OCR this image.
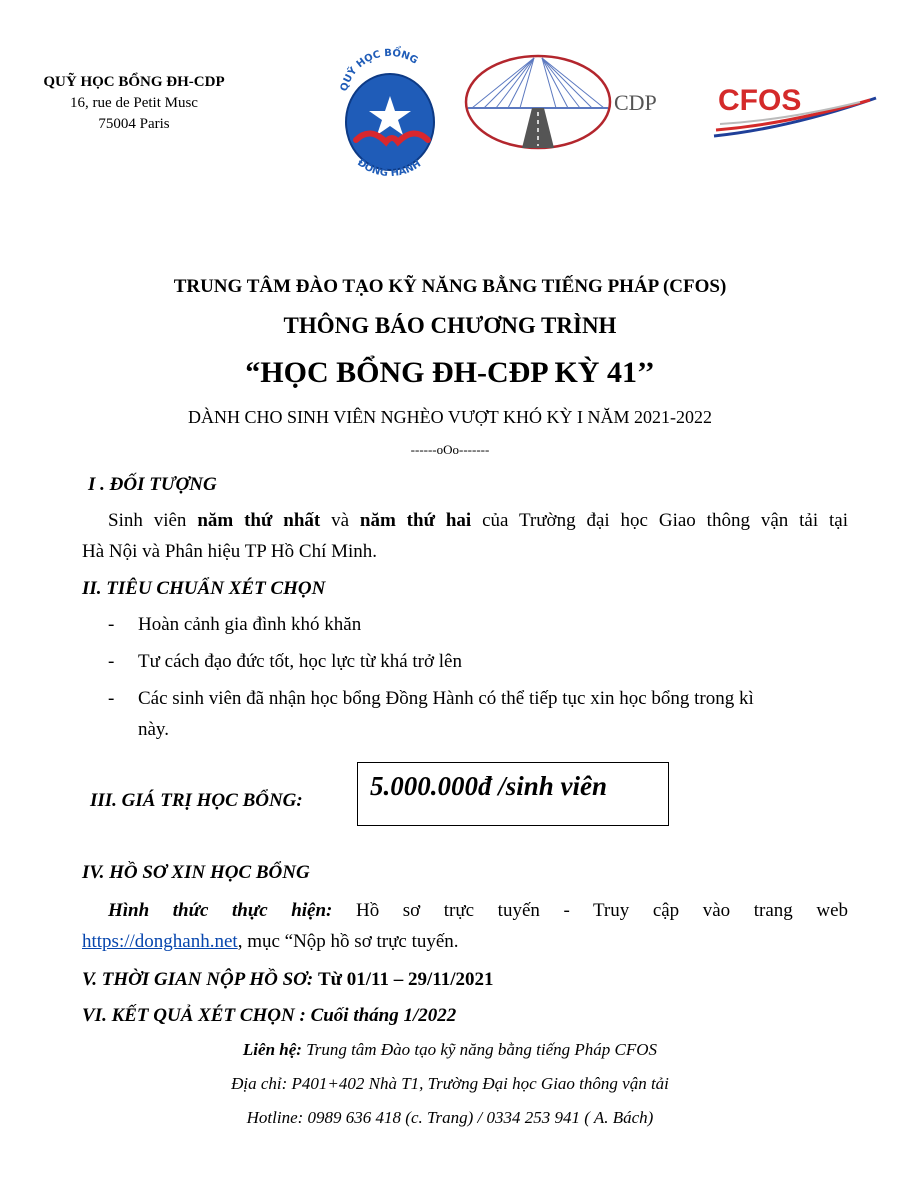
QUỸ HỌC BỔNG ĐH-CDP
16, rue de Petit Musc
75004 Paris
QUỸ HỌC BỔNG
ĐỒNG HÀNH
CDP CFOS
TRUNG TÂM ĐÀO TẠO KỸ NĂNG BẰNG TIẾNG PHÁP (CFOS)
THÔNG BÁO CHƯƠNG TRÌNH
“HỌC BỔNG ĐH-CĐP KỲ 41’’
DÀNH CHO SINH VIÊN NGHÈO VƯỢT KHÓ KỲ I NĂM 2021-2022
------oOo-------
I . ĐỐI TƯỢNG
Sinh viên năm thứ nhất và năm thứ hai của Trường đại học Giao thông vận tải tại
Hà Nội và Phân hiệu TP Hồ Chí Minh.
II. TIÊU CHUẨN XÉT CHỌN
- Hoàn cảnh gia đình khó khăn
- Tư cách đạo đức tốt, học lực từ khá trở lên
- Các sinh viên đã nhận học bổng Đồng Hành có thể tiếp tục xin học bổng trong kì
này.
III. GIÁ TRỊ HỌC BỔNG: 5.000.000đ /sinh viên
IV. HỒ SƠ XIN HỌC BỔNG
Hình thức thực hiện: Hồ sơ trực tuyến - Truy cập vào trang web
https://donghanh.net, mục “Nộp hồ sơ trực tuyến.
V. THỜI GIAN NỘP HỒ SƠ: Từ 01/11 – 29/11/2021
VI. KẾT QUẢ XÉT CHỌN : Cuối tháng 1/2022
Liên hệ: Trung tâm Đào tạo kỹ năng bằng tiếng Pháp CFOS
Địa chỉ: P401+402 Nhà T1, Trường Đại học Giao thông vận tải
Hotline: 0989 636 418 (c. Trang) / 0334 253 941 ( A. Bách)
